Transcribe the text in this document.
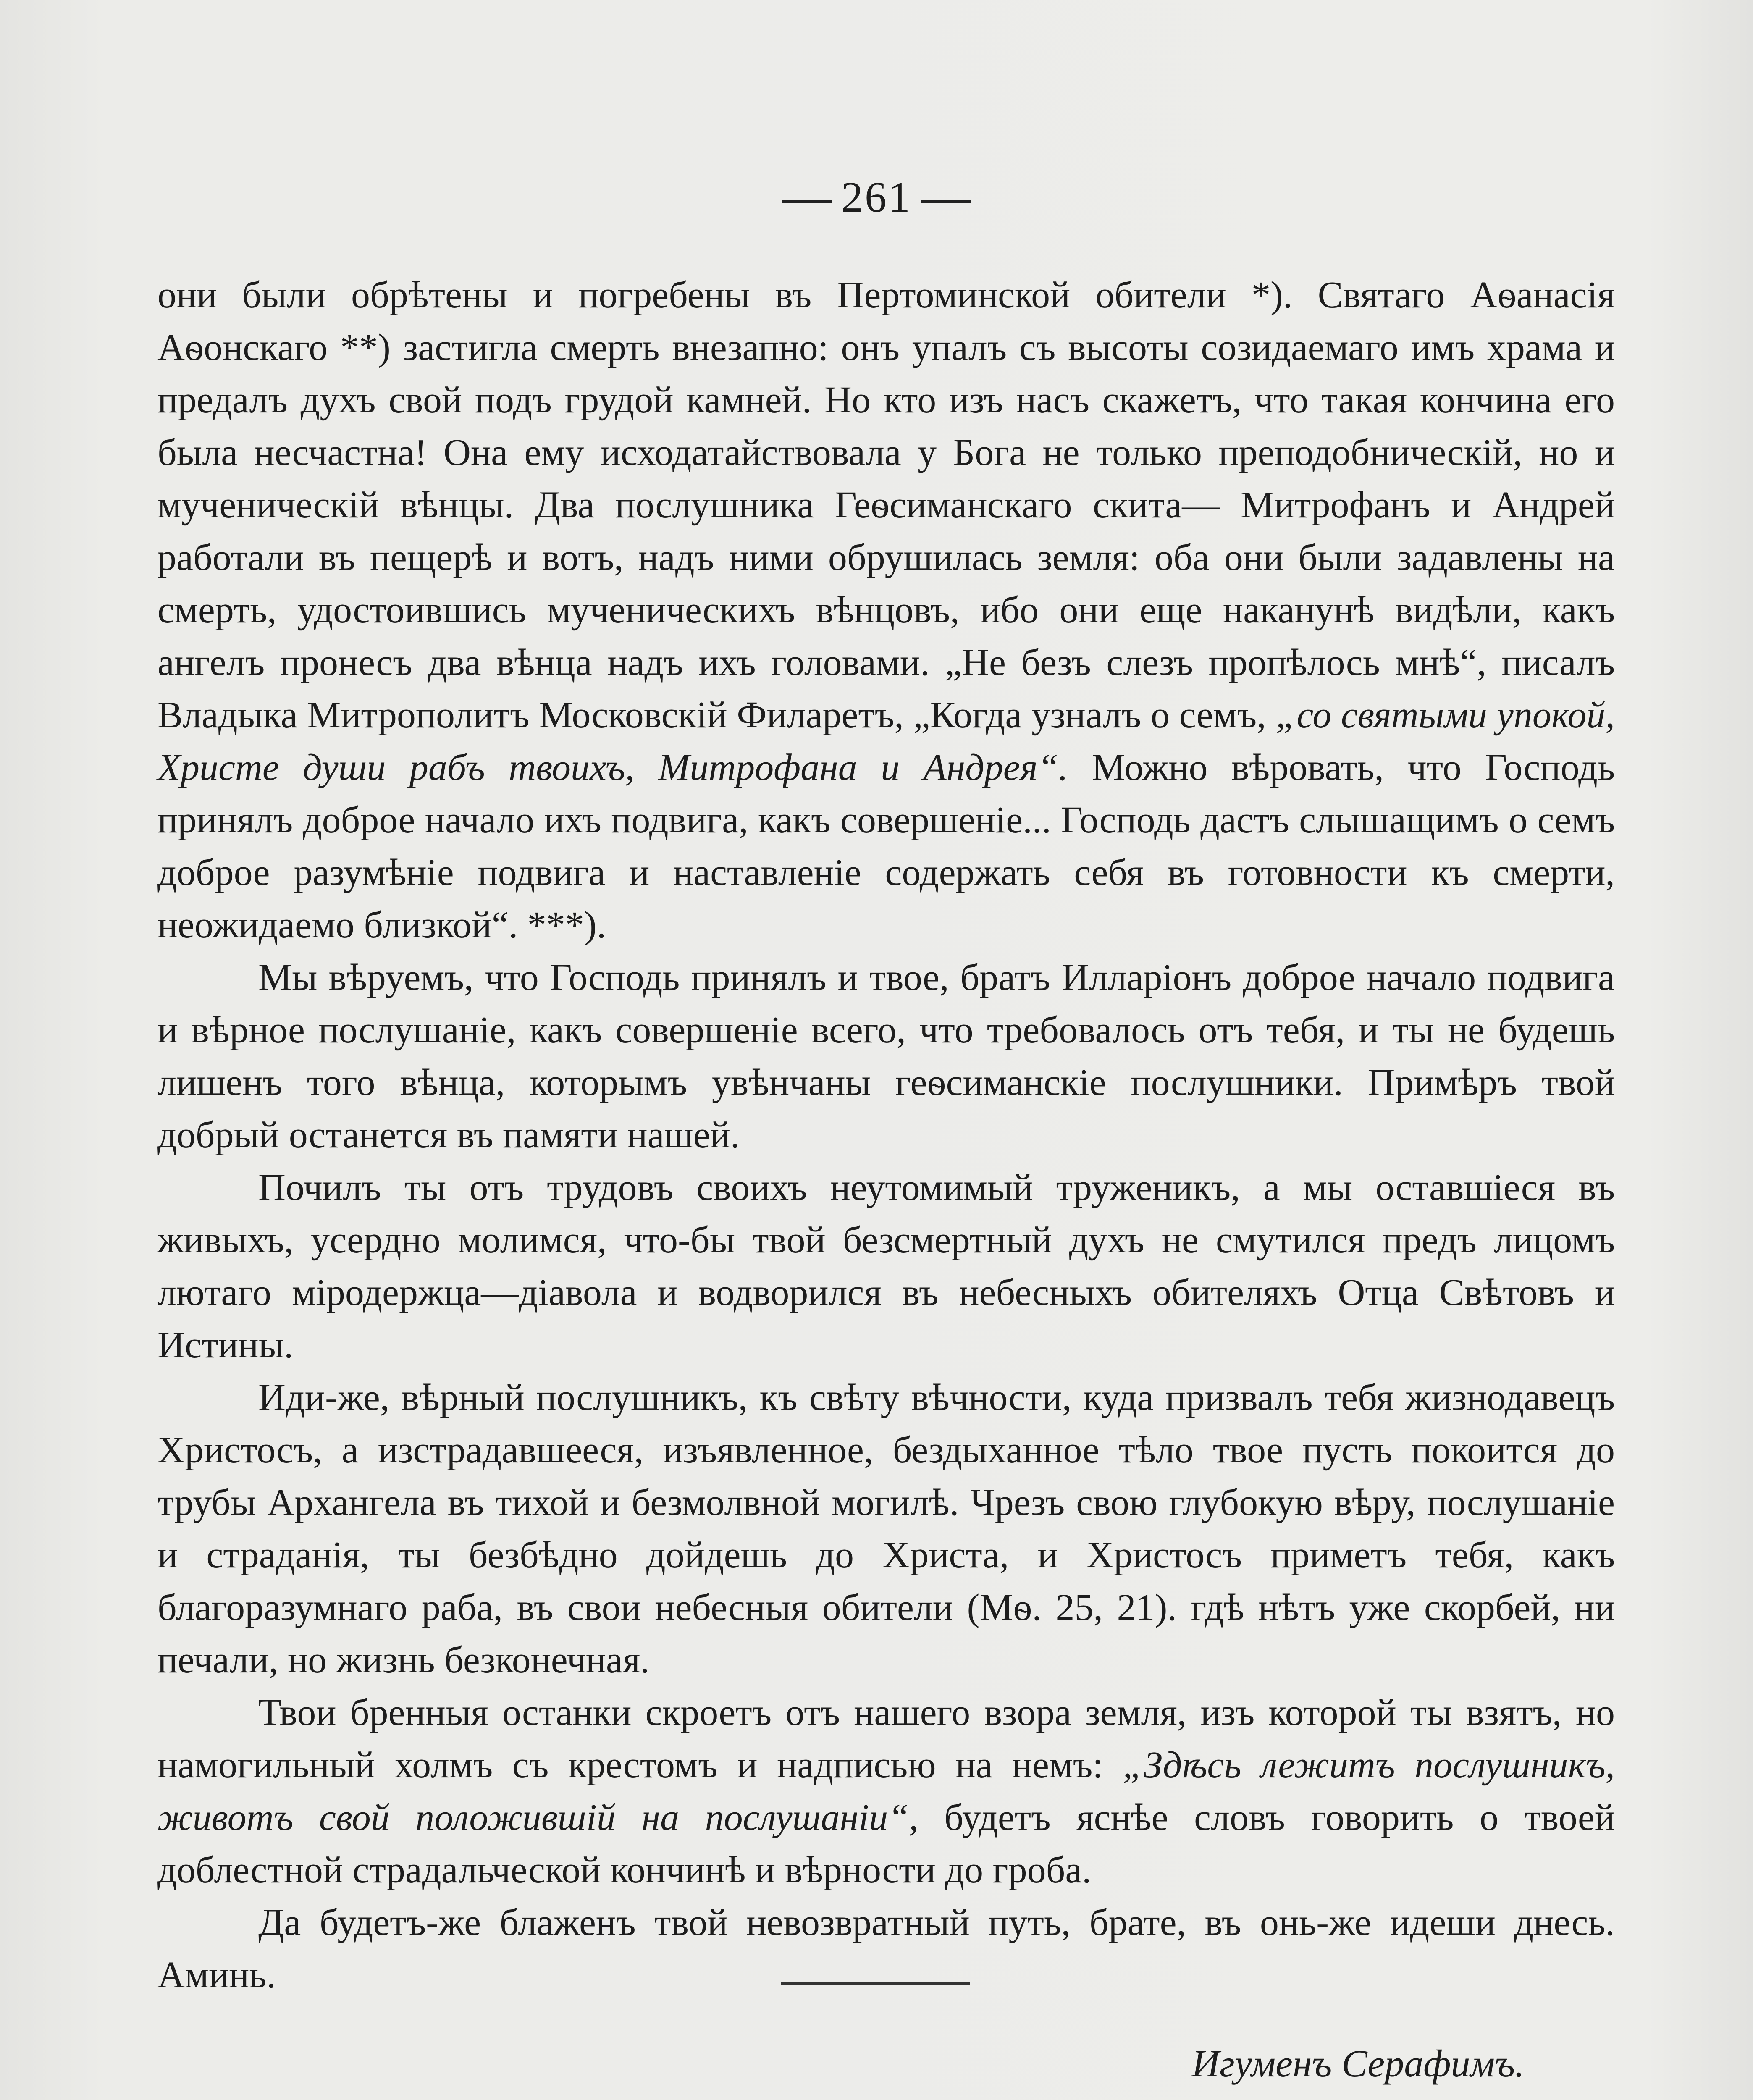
261

они были обрѣтены и погребены въ Пертоминской обители *). Святаго Аѳанасія Аѳонскаго **) застигла смерть внезапно: онъ упалъ съ высоты созидаемаго имъ храма и предалъ духъ свой подъ грудой камней. Но кто изъ насъ скажетъ, что такая кончина его была несчастна! Она ему исходатайствовала у Бога не только преподобническій, но и мученическій вѣнцы. Два послушника Геѳсиманскаго скита— Митрофанъ и Андрей работали въ пещерѣ и вотъ, надъ ними обрушилась земля: оба они были задавлены на смерть, удостоившись мученическихъ вѣнцовъ, ибо они еще наканунѣ видѣли, какъ ангелъ пронесъ два вѣнца надъ ихъ головами. „Не безъ слезъ пропѣлось мнѣ“, писалъ Владыка Митрополитъ Московскій Филаретъ, „Когда узналъ о семъ, „со святыми упокой, Христе души рабъ твоихъ, Митрофана и Андрея“. Можно вѣровать, что Господь принялъ доброе начало ихъ подвига, какъ совершеніе... Господь дастъ слышащимъ о семъ доброе разумѣніе подвига и наставленіе содержать себя въ готовности къ смерти, неожидаемо близкой“. ***).

Мы вѣруемъ, что Господь принялъ и твое, братъ Илларіонъ доброе начало подвига и вѣрное послушаніе, какъ совершеніе всего, что требовалось отъ тебя, и ты не будешь лишенъ того вѣнца, которымъ увѣнчаны геѳсиманскіе послушники. Примѣръ твой добрый останется въ памяти нашей.

Почилъ ты отъ трудовъ своихъ неутомимый труженикъ, а мы оставшіеся въ живыхъ, усердно молимся, что-бы твой безсмертный духъ не смутился предъ лицомъ лютаго міродержца—діавола и водворился въ небесныхъ обителяхъ Отца Свѣтовъ и Истины.

Иди-же, вѣрный послушникъ, къ свѣту вѣчности, куда призвалъ тебя жизнодавецъ Христосъ, а изстрадавшееся, изъявленное, бездыханное тѣло твое пусть покоится до трубы Архангела въ тихой и безмолвной могилѣ. Чрезъ свою глубокую вѣру, послушаніе и страданія, ты безбѣдно дойдешь до Христа, и Христосъ приметъ тебя, какъ благоразумнаго раба, въ свои небесныя обители (Мѳ. 25, 21). гдѣ нѣтъ уже скорбей, ни печали, но жизнь безконечная.

Твои бренныя останки скроетъ отъ нашего взора земля, изъ которой ты взятъ, но намогильный холмъ съ крестомъ и надписью на немъ: „Здѣсь лежитъ послушникъ, животъ свой положившій на послушаніи“, будетъ яснѣе словъ говорить о твоей доблестной страдальческой кончинѣ и вѣрности до гроба.

Да будетъ-же блаженъ твой невозвратный путь, брате, въ онь-же идеши днесь. Аминь.

Игуменъ Серафимъ.
